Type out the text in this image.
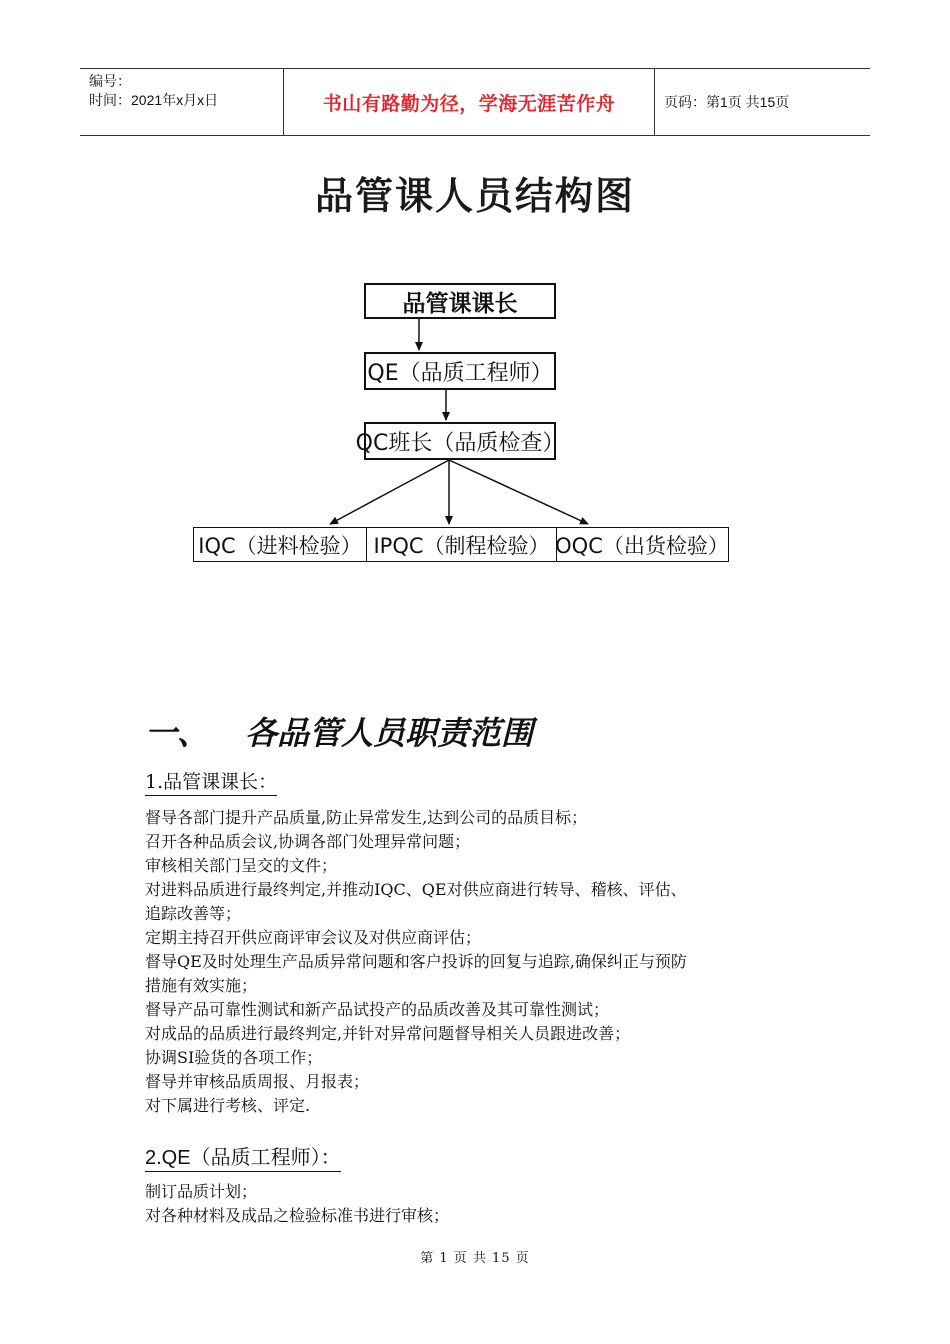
编号：
时间：2021年x月x日	书山有路勤为径，学海无涯苦作舟	页码：第1页 共15页
品管课人员结构图
品管课课长
QE（品质工程师）
QC班长（品质检查）
IQC（进料检验） IPQC（制程检验） OQC（出货检验）
一、 各品管人员职责范围
1.品管课课长：
督导各部门提升产品质量,防止异常发生,达到公司的品质目标；
召开各种品质会议,协调各部门处理异常问题；
审核相关部门呈交的文件；
对进料品质进行最终判定,并推动IQC、QE对供应商进行转导、稽核、评估、
追踪改善等；
定期主持召开供应商评审会议及对供应商评估；
督导QE及时处理生产品质异常问题和客户投诉的回复与追踪,确保纠正与预防
措施有效实施；
督导产品可靠性测试和新产品试投产的品质改善及其可靠性测试；
对成品的品质进行最终判定,并针对异常问题督导相关人员跟进改善；
协调SI验货的各项工作；
督导并审核品质周报、月报表；
对下属进行考核、评定.
2.QE（品质工程师）：
制订品质计划；
对各种材料及成品之检验标准书进行审核；
第 1 页 共 15 页
